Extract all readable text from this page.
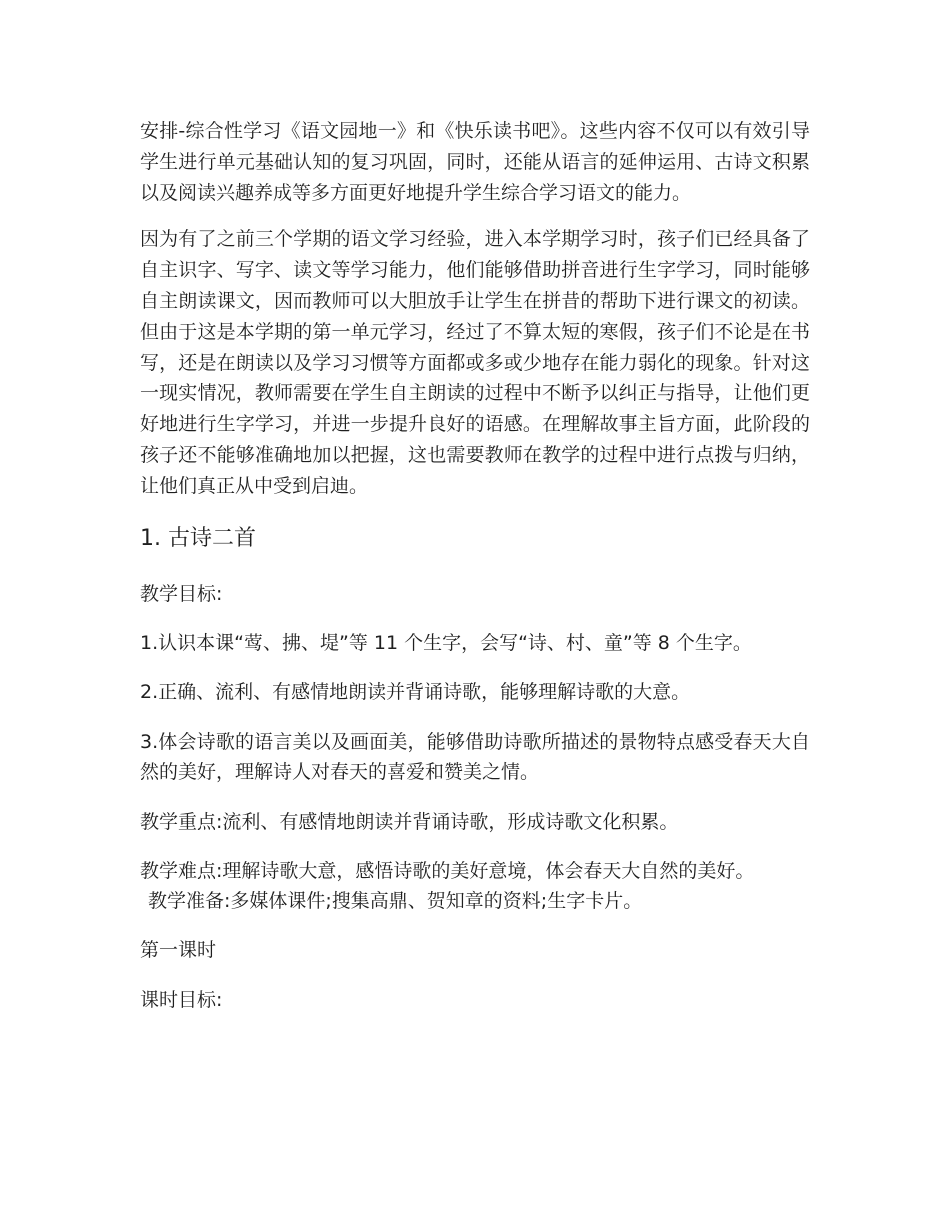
安排-综合性学习《语文园地一》和《快乐读书吧》。这些内容不仅可以有效引导学生进行单元基础认知的复习巩固，同时，还能从语言的延伸运用、古诗文积累以及阅读兴趣养成等多方面更好地提升学生综合学习语文的能力。

因为有了之前三个学期的语文学习经验，进入本学期学习时，孩子们已经具备了自主识字、写字、读文等学习能力，他们能够借助拼音进行生字学习，同时能够自主朗读课文，因而教师可以大胆放手让学生在拼昔的帮助下进行课文的初读。但由于这是本学期的第一单元学习，经过了不算太短的寒假，孩子们不论是在书写，还是在朗读以及学习习惯等方面都或多或少地存在能力弱化的现象。针对这一现实情况，教师需要在学生自主朗读的过程中不断予以纠正与指导，让他们更好地进行生字学习，并进一步提升良好的语感。在理解故事主旨方面，此阶段的孩子还不能够准确地加以把握，这也需要教师在教学的过程中进行点拨与归纳，让他们真正从中受到启迪。

1. 古诗二首

教学目标:

1.认识本课“莺、拂、堤”等 11 个生字，会写“诗、村、童”等 8 个生字。

2.正确、流利、有感情地朗读并背诵诗歌，能够理解诗歌的大意。

3.体会诗歌的语言美以及画面美，能够借助诗歌所描述的景物特点感受春天大自然的美好，理解诗人对春天的喜爱和赞美之情。

教学重点:流利、有感情地朗读并背诵诗歌，形成诗歌文化积累。

教学难点:理解诗歌大意，感悟诗歌的美好意境，体会春天大自然的美好。
教学准备:多媒体课件;搜集高鼎、贺知章的资料;生字卡片。

第一课时

课时目标:
